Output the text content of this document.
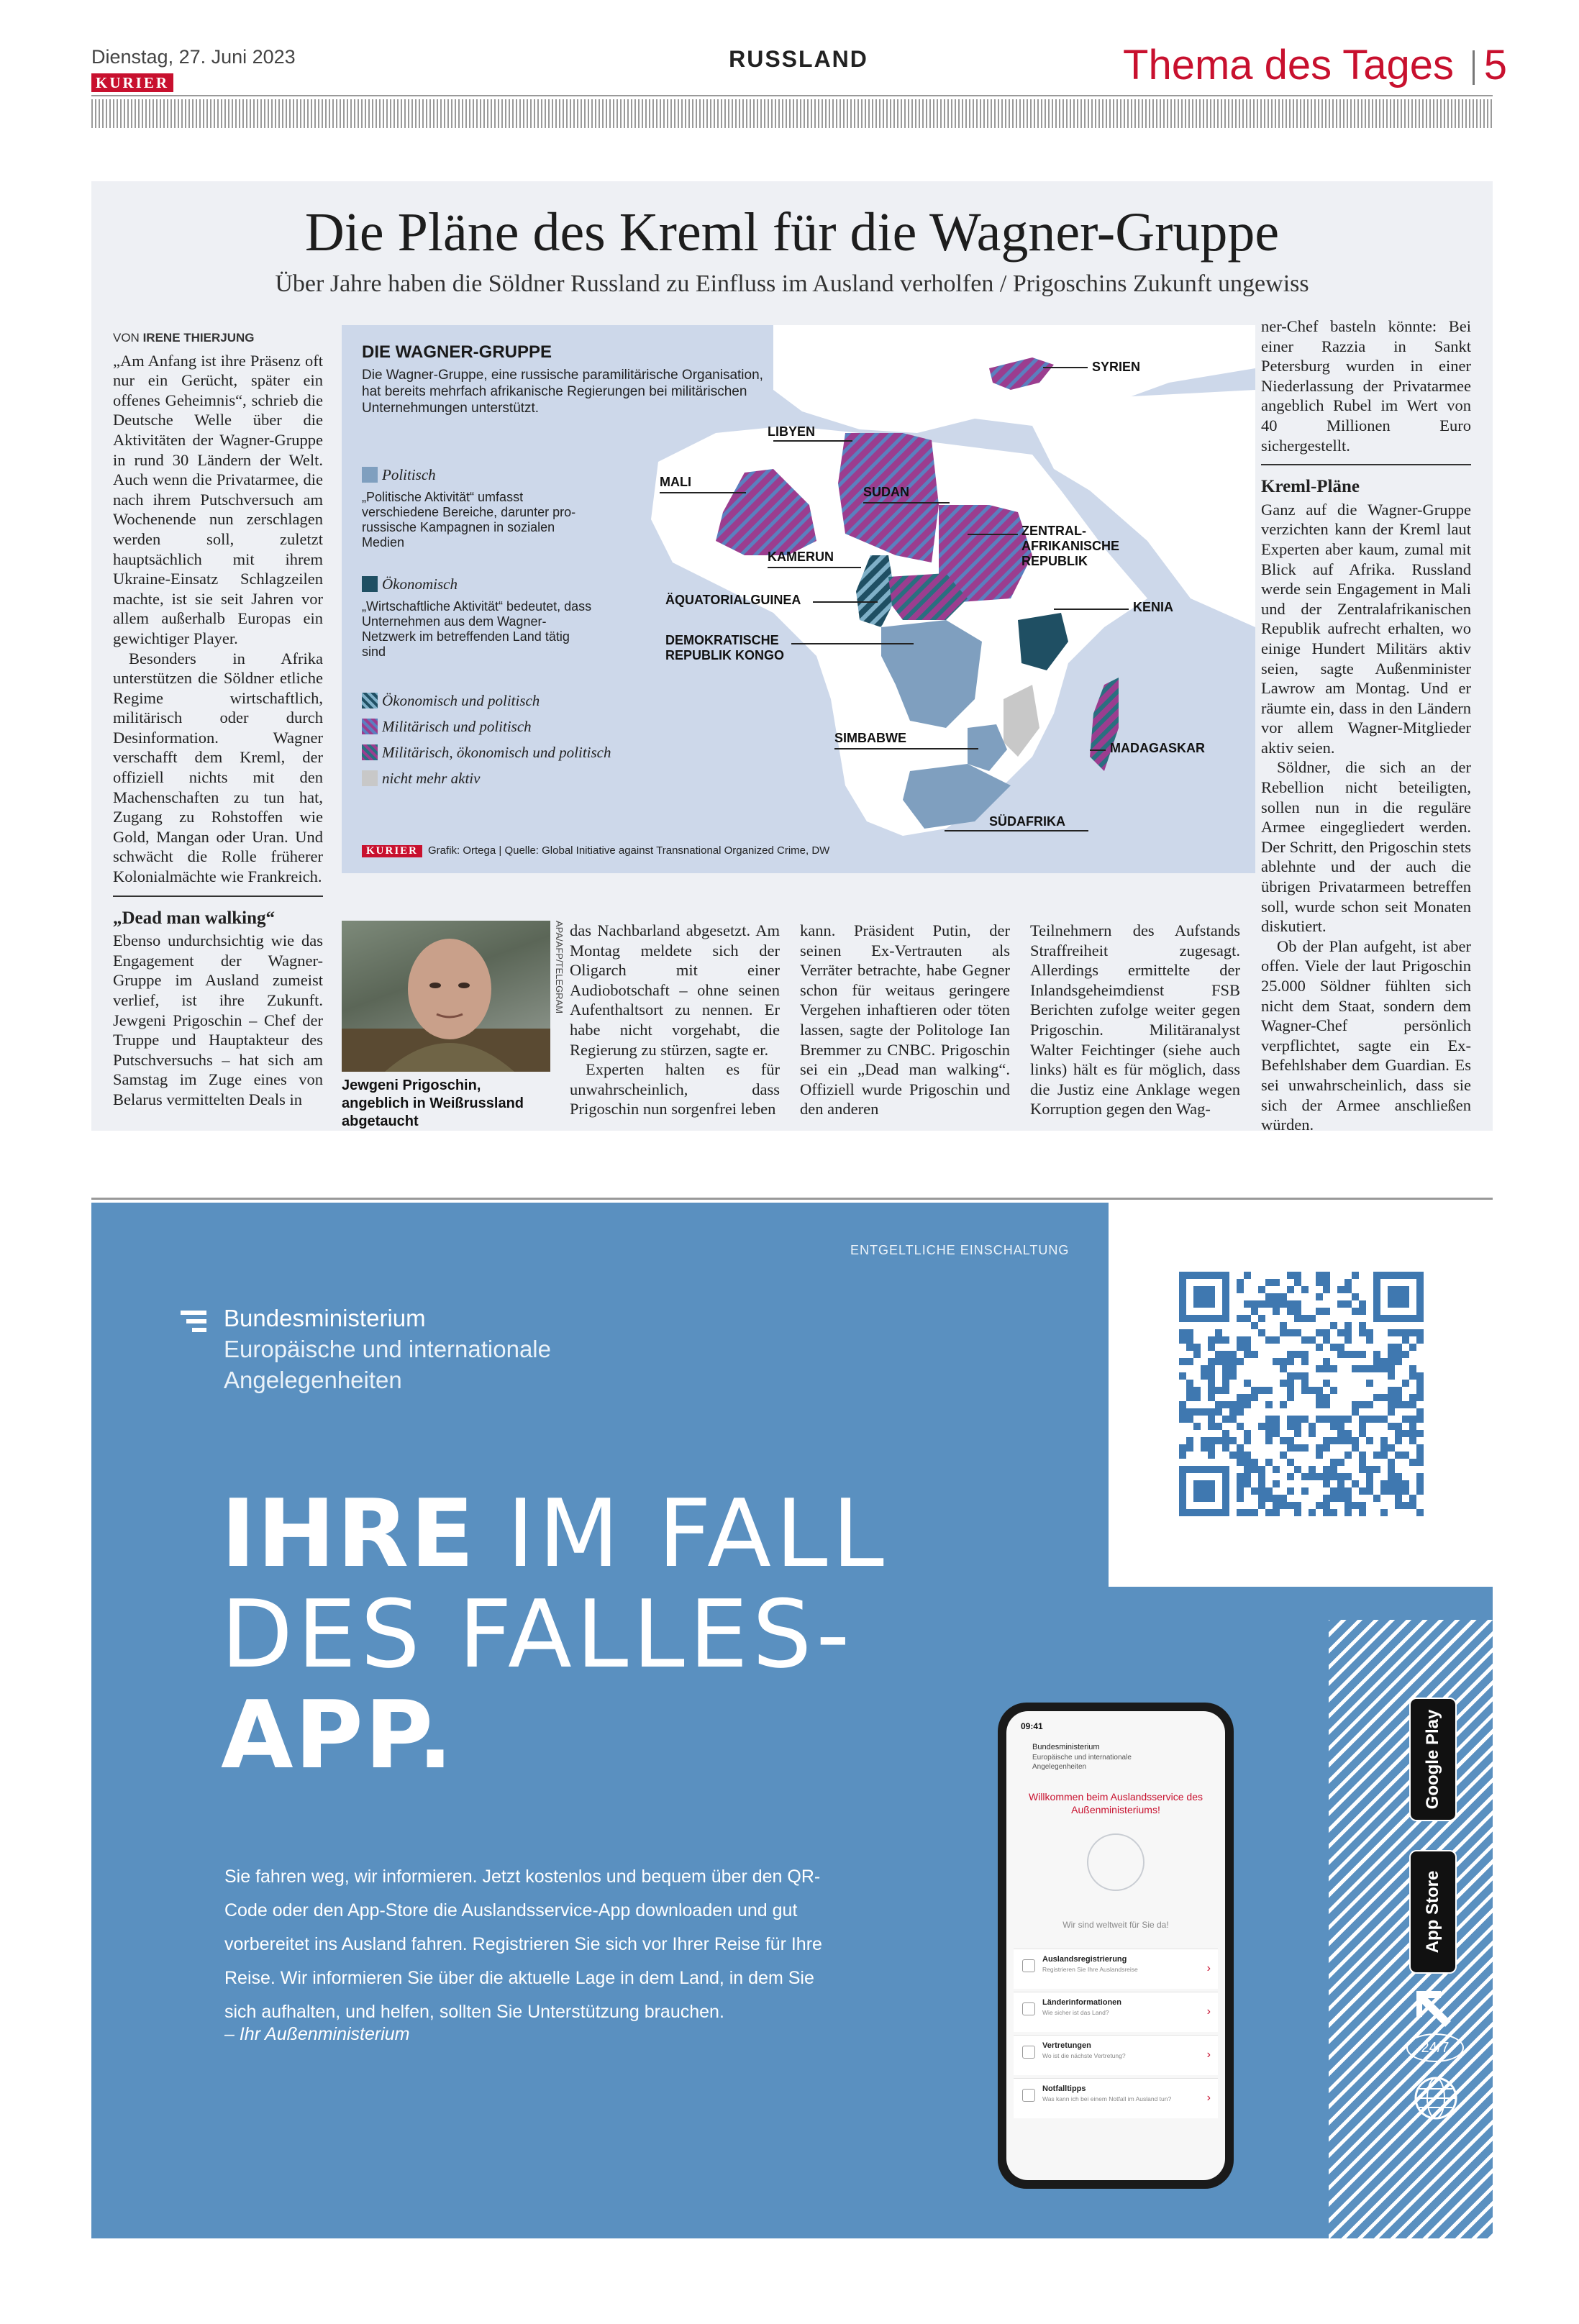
Dienstag, 27. Juni 2023
KURIER
RUSSLAND	Thema des Tages 5
Die Pläne des Kreml für die Wagner-Gruppe
Über Jahre haben die Söldner Russland zu Einfluss im Ausland verholfen / Prigoschins Zukunft ungewiss
VON IRENE THIERJUNG

„Am Anfang ist ihre Präsenz oft nur ein Gerücht, später ein offenes Geheimnis“, schrieb die Deutsche Welle über die Aktivitäten der Wagner-Gruppe in rund 30 Ländern der Welt. Auch wenn die Privatarmee, die nach ihrem Putschversuch am Wochenende nun zerschlagen werden soll, zuletzt hauptsächlich mit ihrem Ukraine-Einsatz Schlagzeilen machte, ist sie seit Jahren vor allem außerhalb Europas ein gewichtiger Player.

Besonders in Afrika unterstützen die Söldner etliche Regime wirtschaftlich, militärisch oder durch Desinformation. Wagner verschafft dem Kreml, der offiziell nichts mit den Machenschaften zu tun hat, Zugang zu Rohstoffen wie Gold, Mangan oder Uran. Und schwächt die Rolle früherer Kolonialmächte wie Frankreich.

„Dead man walking“

Ebenso undurchsichtig wie das Engagement der Wagner-Gruppe im Ausland zumeist verlief, ist ihre Zukunft. Jewgeni Prigoschin – Chef der Truppe und Hauptakteur des Putschversuchs – hat sich am Samstag im Zuge eines von Belarus vermittelten Deals in

DIE WAGNER-GRUPPE
Die Wagner-Gruppe, eine russische paramilitärische Organisation, hat bereits mehrfach afrikanische Regierungen bei militärischen Unternehmungen unterstützt.
Politisch
„Politische Aktivität“ umfasst verschiedene Bereiche, darunter pro-russische Kampagnen in sozialen Medien
Ökonomisch
„Wirtschaftliche Aktivität“ bedeutet, dass Unternehmen aus dem Wagner-Netzwerk im betreffenden Land tätig sind
Ökonomisch und politisch
Militärisch und politisch
Militärisch, ökonomisch und politisch
nicht mehr aktiv
SYRIEN
LIBYEN
MALI
SUDAN
KAMERUN
ZENTRAL-
AFRIKANISCHE
REPUBLIK
ÄQUATORIALGUINEA	KENIA
DEMOKRATISCHE
REPUBLIK KONGO
SIMBABWE
MADAGASKAR
SÜDAFRIKA
KURIER Grafik: Ortega | Quelle: Global Initiative against Transnational Organized Crime, DW
APA/AFP/TELEGRAM
Jewgeni Prigoschin, angeblich in Weißrussland abgetaucht

das Nachbarland abgesetzt. Am Montag meldete sich der Oligarch mit einer Audiobotschaft – ohne seinen Aufenthaltsort zu nennen. Er habe nicht vorgehabt, die Regierung zu stürzen, sagte er.

Experten halten es für unwahrscheinlich, dass Prigoschin nun sorgenfrei leben

kann. Präsident Putin, der seinen Ex-Vertrauten als Verräter betrachte, habe Gegner schon für weitaus geringere Vergehen inhaftieren oder töten lassen, sagte der Politologe Ian Bremmer zu CNBC. Prigoschin sei ein „Dead man walking“. Offiziell wurde Prigoschin und den anderen

Teilnehmern des Aufstands Straffreiheit zugesagt. Allerdings ermittelte der Inlandsgeheimdienst FSB Berichten zufolge weiter gegen Prigoschin. Militäranalyst Walter Feichtinger (siehe auch links) hält es für möglich, dass die Justiz eine Anklage wegen Korruption gegen den Wag-

ner-Chef basteln könnte: Bei einer Razzia in Sankt Petersburg wurden in einer Niederlassung der Privatarmee angeblich Rubel im Wert von 40 Millionen Euro sichergestellt.

Kreml-Pläne

Ganz auf die Wagner-Gruppe verzichten kann der Kreml laut Experten aber kaum, zumal mit Blick auf Afrika. Russland werde sein Engagement in Mali und der Zentralafrikanischen Republik aufrecht erhalten, wo einige Hundert Militärs aktiv seien, sagte Außenminister Lawrow am Montag. Und er räumte ein, dass in den Ländern vor allem Wagner-Mitglieder aktiv seien.

Söldner, die sich an der Rebellion nicht beteiligten, sollen nun in die reguläre Armee eingegliedert werden. Der Schritt, den Prigoschin stets ablehnte und der auch die übrigen Privatarmeen betreffen soll, wurde schon seit Monaten diskutiert.

Ob der Plan aufgeht, ist aber offen. Viele der laut Prigoschin 25.000 Söldner fühlten sich nicht dem Staat, sondern dem Wagner-Chef persönlich verpflichtet, sagte ein Ex-Befehlshaber dem Guardian. Es sei unwahrscheinlich, dass sie sich der Armee anschließen würden.

ENTGELTLICHE EINSCHALTUNG
Bundesministerium
Europäische und internationale
Angelegenheiten
IHRE IM FALL
DES FALLES-
APP.
Sie fahren weg, wir informieren. Jetzt kostenlos und bequem über den QR-Code oder den App-Store die Auslandsservice-App downloaden und gut vorbereitet ins Ausland fahren. Registrieren Sie sich vor Ihrer Reise für Ihre Reise. Wir informieren Sie über die aktuelle Lage in dem Land, in dem Sie sich aufhalten, und helfen, sollten Sie Unterstützung brauchen.
– Ihr Außenministerium
09:41
Bundesministerium
Europäische und internationale Angelegenheiten
Willkommen beim Auslandsservice des Außenministeriums!
Wir sind weltweit für Sie da!
Auslandsregistrierung
Registrieren Sie Ihre Auslandsreise	›
Länderinformationen
Wie sicher ist das Land?	›
Vertretungen
Wo ist die nächste Vertretung?	›
Notfalltipps
Was kann ich bei einem Notfall im Ausland tun?	›
Google Play
App Store
24/7
